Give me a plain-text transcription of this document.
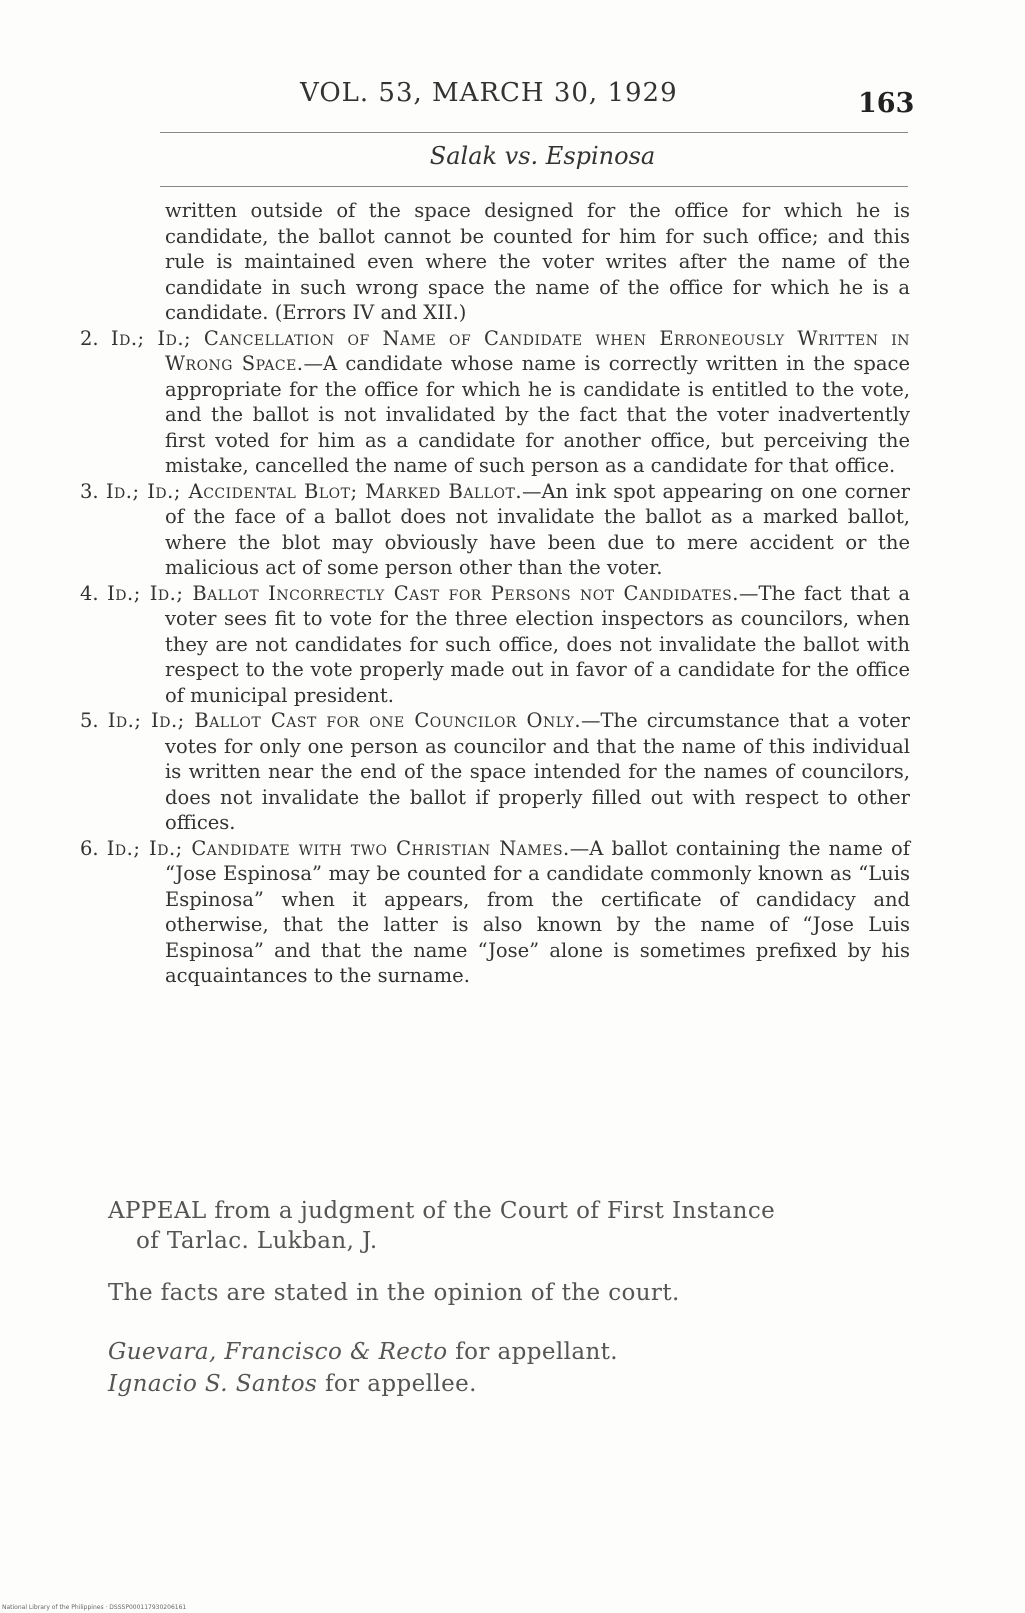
VOL. 53, MARCH 30, 1929	163
Salak vs. Espinosa

written outside of the space designed for the office for which he is candidate, the ballot cannot be counted for him for such office; and this rule is maintained even where the voter writes after the name of the candidate in such wrong space the name of the office for which he is a candidate. (Errors IV and XII.)

2. Id.; Id.; Cancellation of Name of Candidate when Erroneously Written in Wrong Space.—A candidate whose name is correctly written in the space appropriate for the office for which he is candidate is entitled to the vote, and the ballot is not invalidated by the fact that the voter inadvertently first voted for him as a candidate for another office, but perceiving the mistake, cancelled the name of such person as a candidate for that office.

3. Id.; Id.; Accidental Blot; Marked Ballot.—An ink spot appearing on one corner of the face of a ballot does not invalidate the ballot as a marked ballot, where the blot may obviously have been due to mere accident or the malicious act of some person other than the voter.

4. Id.; Id.; Ballot Incorrectly Cast for Persons not Candidates.—The fact that a voter sees fit to vote for the three election inspectors as councilors, when they are not candidates for such office, does not invalidate the ballot with respect to the vote properly made out in favor of a candidate for the office of municipal president.

5. Id.; Id.; Ballot Cast for one Councilor Only.—The circumstance that a voter votes for only one person as councilor and that the name of this individual is written near the end of the space intended for the names of councilors, does not invalidate the ballot if properly filled out with respect to other offices.

6. Id.; Id.; Candidate with two Christian Names.—A ballot containing the name of “Jose Espinosa” may be counted for a candidate commonly known as “Luis Espinosa” when it appears, from the certificate of candidacy and otherwise, that the latter is also known by the name of “Jose Luis Espinosa” and that the name “Jose” alone is sometimes prefixed by his acquaintances to the surname.

APPEAL from a judgment of the Court of First Instance
of Tarlac. Lukban, J.
The facts are stated in the opinion of the court.
Guevara, Francisco & Recto for appellant.
Ignacio S. Santos for appellee.
National Library of the Philippines · DSSSP000117930206161
